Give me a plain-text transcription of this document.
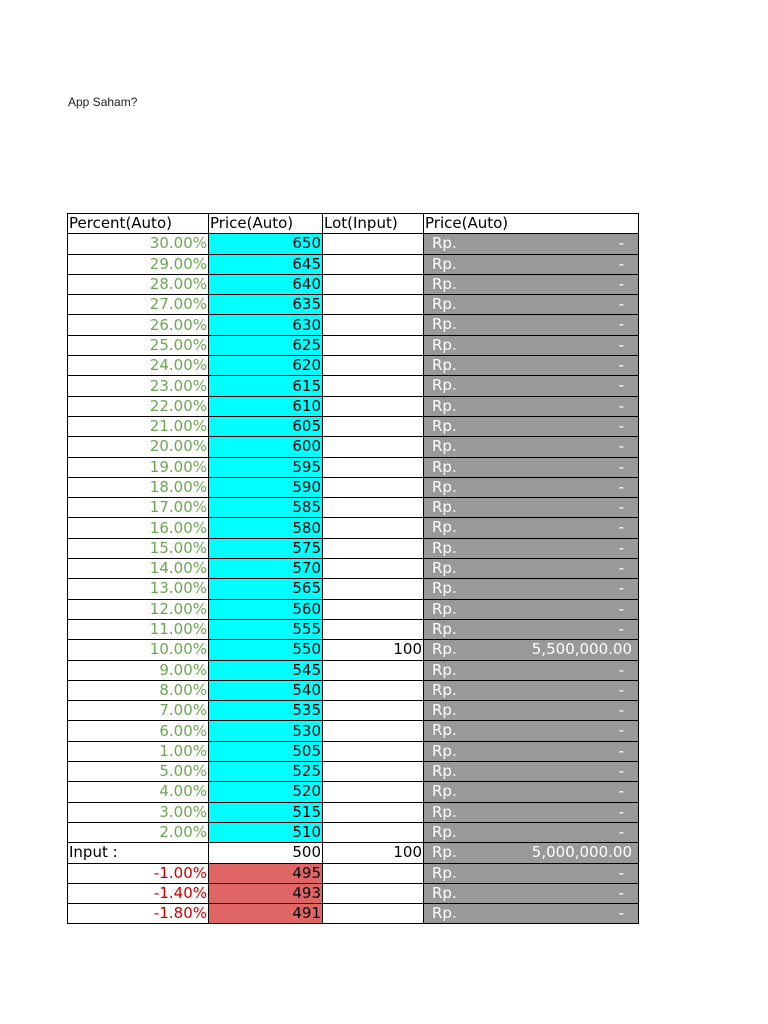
App Saham?
Percent(Auto)	Price(Auto)	Lot(Input)	Price(Auto)
30.00%	650		Rp. -

29.00%	645		Rp. -

28.00%	640		Rp. -

27.00%	635		Rp. -

26.00%	630		Rp. -

25.00%	625		Rp. -

24.00%	620		Rp. -

23.00%	615		Rp. -

22.00%	610		Rp. -

21.00%	605		Rp. -

20.00%	600		Rp. -

19.00%	595		Rp. -

18.00%	590		Rp. -

17.00%	585		Rp. -

16.00%	580		Rp. -

15.00%	575		Rp. -

14.00%	570		Rp. -

13.00%	565		Rp. -

12.00%	560		Rp. -

11.00%	555		Rp. -

10.00%	550	100	Rp. 5,500,000.00

9.00%	545		Rp. -

8.00%	540		Rp. -

7.00%	535		Rp. -

6.00%	530		Rp. -

1.00%	505		Rp. -

5.00%	525		Rp. -

4.00%	520		Rp. -

3.00%	515		Rp. -

2.00%	510		Rp. -

Input :	500	100	Rp. 5,000,000.00

-1.00%	495		Rp. -

-1.40%	493		Rp. -

-1.80%	491		Rp. -
